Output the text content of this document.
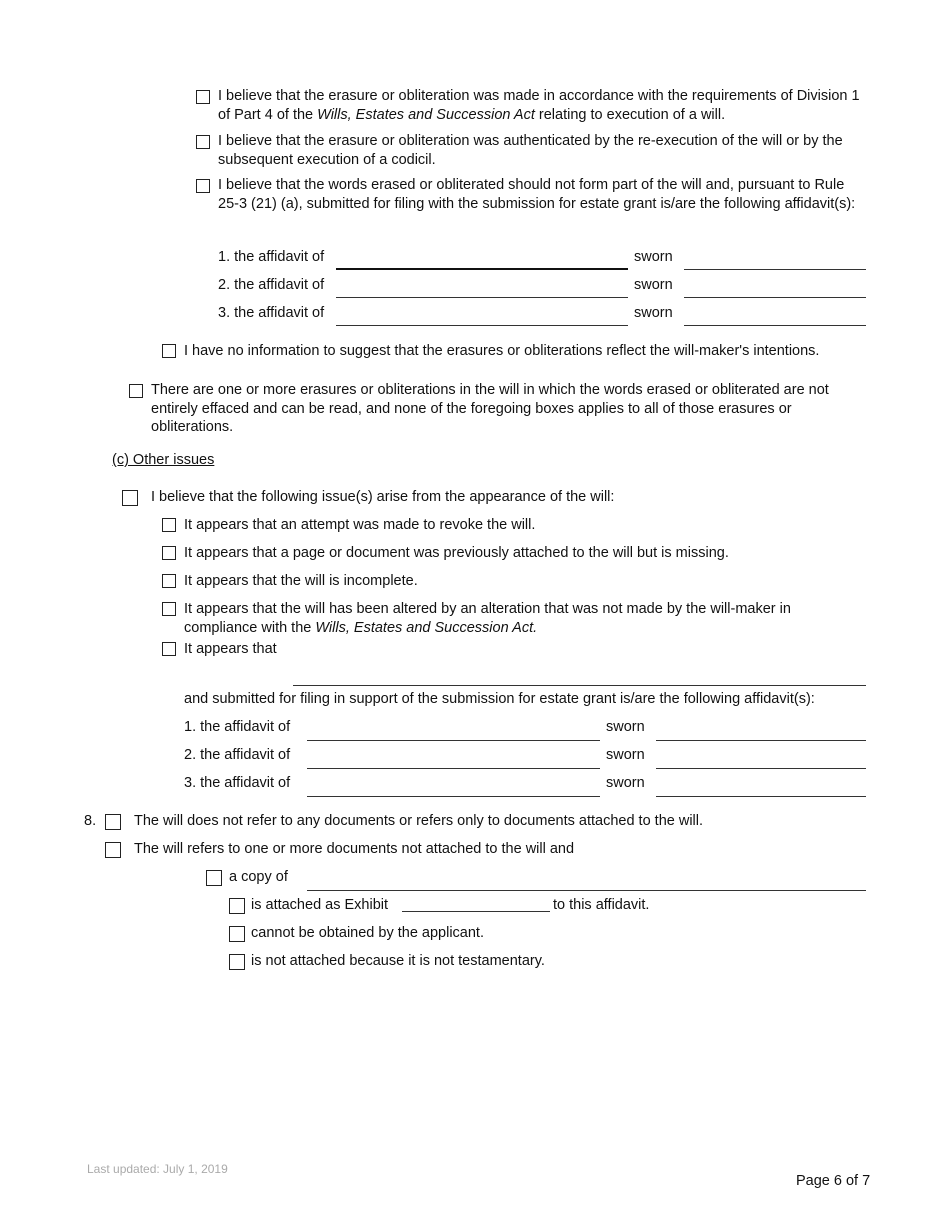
I believe that the erasure or obliteration was made in accordance with the requirements of Division 1 of Part 4 of the Wills, Estates and Succession Act relating to execution of a will.
I believe that the erasure or obliteration was authenticated by the re-execution of the will or by the subsequent execution of a codicil.
I believe that the words erased or obliterated should not form part of the will and, pursuant to Rule 25-3 (21) (a), submitted for filing with the submission for estate grant is/are the following affidavit(s):
1. the affidavit of	sworn
2. the affidavit of	sworn
3. the affidavit of	sworn
I have no information to suggest that the erasures or obliterations reflect the will-maker's intentions.
There are one or more erasures or obliterations in the will in which the words erased or obliterated are not entirely effaced and can be read, and none of the foregoing boxes applies to all of those erasures or obliterations.
(c) Other issues
I believe that the following issue(s) arise from the appearance of the will:
It appears that an attempt was made to revoke the will.
It appears that a page or document was previously attached to the will but is missing.
It appears that the will is incomplete.
It appears that the will has been altered by an alteration that was not made by the will-maker in compliance with the Wills, Estates and Succession Act.
It appears that
and submitted for filing in support of the submission for estate grant is/are the following affidavit(s):
1. the affidavit of	sworn
2. the affidavit of	sworn
3. the affidavit of	sworn
8.	The will does not refer to any documents or refers only to documents attached to the will.
The will refers to one or more documents not attached to the will and
a copy of
is attached as Exhibit	to this affidavit.
cannot be obtained by the applicant.
is not attached because it is not testamentary.
Last updated: July 1, 2019
Page 6 of 7
